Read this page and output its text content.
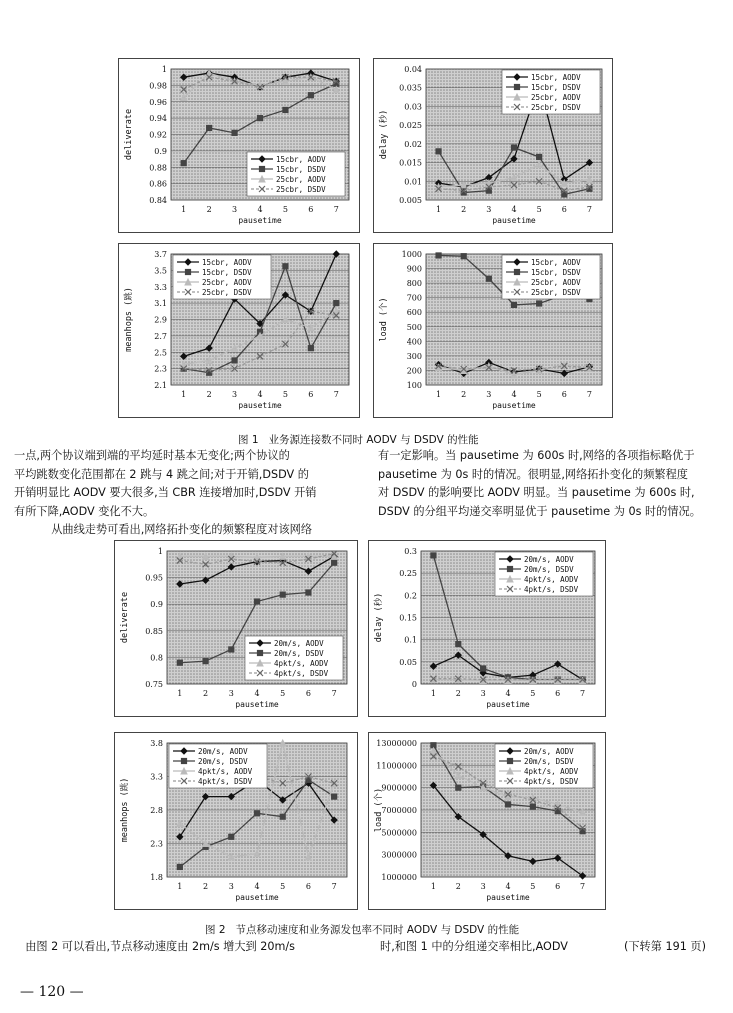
0.84
0.86
0.88
0.9
0.92
0.94
0.96
0.98
1
1	2	3	4	5	6	7
pausetime
deliverate	15cbr, AODV
15cbr, DSDV
25cbr, AODV
25cbr, DSDV
0.005
0.01
0.015
0.02
0.025
0.03
0.035
0.04
1	2	3	4	5	6	7
pausetime
delay (秒)
15cbr, AODV
15cbr, DSDV
25cbr, AODV
25cbr, DSDV
2.1
2.3
2.5
2.7
2.9
3.1
3.3
3.5
3.7
1	2	3	4	5	6	7
pausetime
meanhops (跳)
15cbr, AODV
15cbr, DSDV
25cbr, AODV
25cbr, DSDV
100
200
300
400
500
600
700
800
900
1000
1	2	3	4	5	6	7
pausetime
load (个)
15cbr, AODV
15cbr, DSDV
25cbr, AODV
25cbr, DSDV
图 1 业务源连接数不同时 AODV 与 DSDV 的性能

一点,两个协议端到端的平均延时基本无变化;两个协议的

平均跳数变化范围都在 2 跳与 4 跳之间;对于开销,DSDV 的

开销明显比 AODV 要大很多,当 CBR 连接增加时,DSDV 开销

有所下降,AODV 变化不大。

　从曲线走势可看出,网络拓扑变化的频繁程度对该网络

有一定影响。当 pausetime 为 600s 时,网络的各项指标略优于

pausetime 为 0s 时的情况。很明显,网络拓扑变化的频繁程度

对 DSDV 的影响要比 AODV 明显。当 pausetime 为 600s 时,

DSDV 的分组平均递交率明显优于 pausetime 为 0s 时的情况。

0.75
0.8
0.85
0.9
0.95
1
1	2	3	4	5	6	7
pausetime
deliverate
20m/s, AODV
20m/s, DSDV
4pkt/s, AODV
4pkt/s, DSDV
0
0.05
0.1
0.15
0.2
0.25
0.3
1 2 3 4 5 6 7
pausetime
delay (秒)
20m/s, AODV
20m/s, DSDV
4pkt/s, AODV
4pkt/s, DSDV
1.8
2.3
2.8
3.3
3.8
1	2	3	4	5	6	7
pausetime
meanhops (跳)
20m/s, AODV
20m/s, DSDV
4pkt/s, AODV
4pkt/s, DSDV
1000000
3000000
5000000
7000000
9000000
11000000
13000000
1 2 3 4 5 6 7
pausetime
load (个)
20m/s, AODV
20m/s, DSDV
4pkt/s, AODV
4pkt/s, DSDV
图 2 节点移动速度和业务源发包率不同时 AODV 与 DSDV 的性能

　由图 2 可以看出,节点移动速度由 2m/s 增大到 20m/s	时,和图 1 中的分组递交率相比,AODV	(下转第 191 页)

— 120 —
